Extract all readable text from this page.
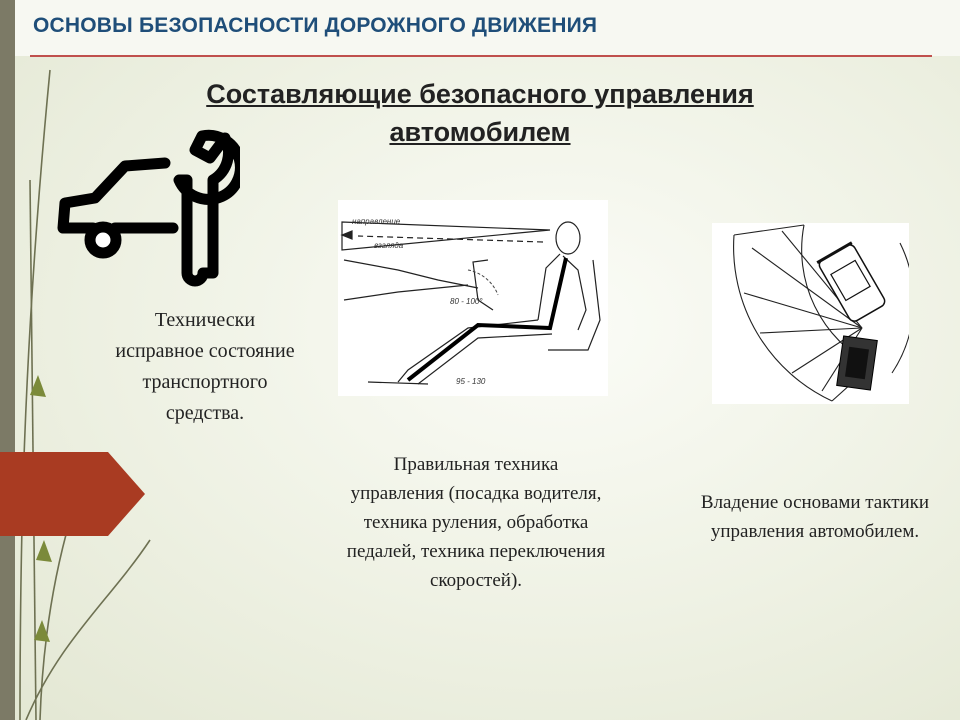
ОСНОВЫ БЕЗОПАСНОСТИ ДОРОЖНОГО ДВИЖЕНИЯ
Составляющие безопасного управления автомобилем

Технически исправное состояние транспортного средства.

направление
взгляда
80 - 100°
95 - 130

Правильная техника управления (посадка водителя, техника руления, обработка педалей, техника переключения скоростей).

Владение основами тактики управления автомобилем.
